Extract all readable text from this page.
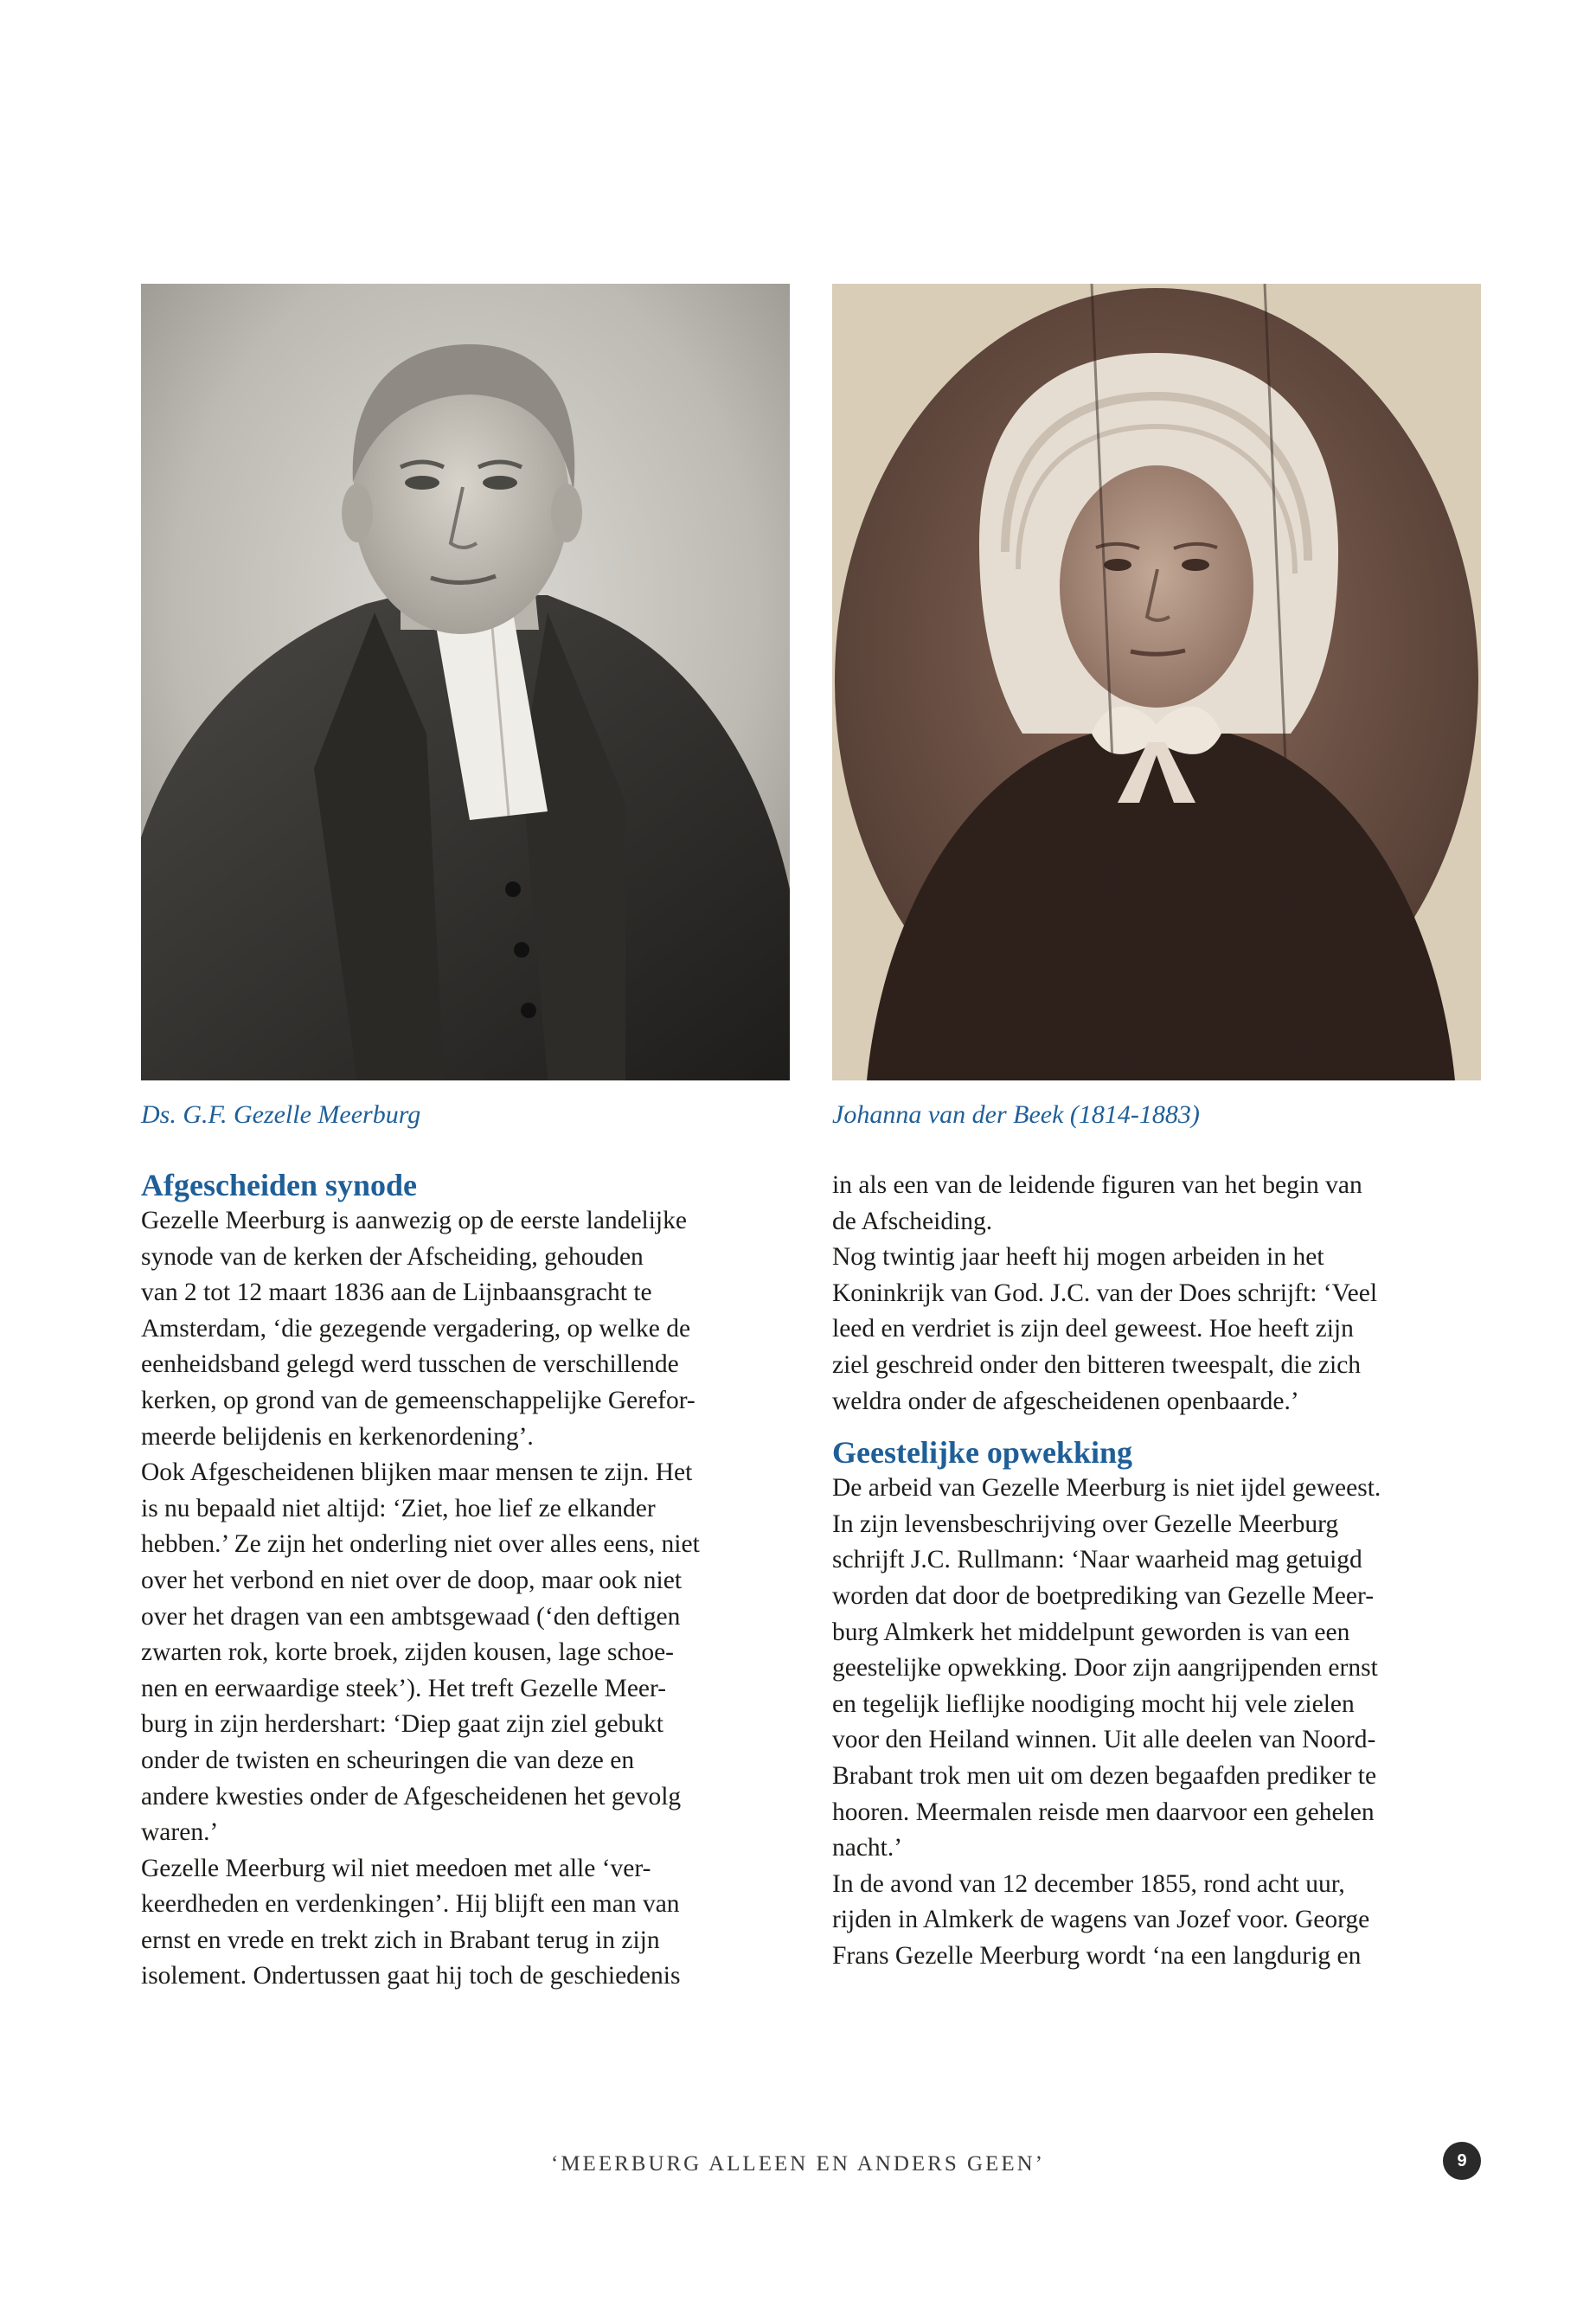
Ds. G.F. Gezelle Meerburg	Johanna van der Beek (1814-1883)
Afgescheiden synode

Gezelle Meerburg is aanwezig op de eerste landelijke

synode van de kerken der Afscheiding, gehouden

van 2 tot 12 maart 1836 aan de Lijnbaansgracht te

Amsterdam, ‘die gezegende vergadering, op welke de

eenheidsband gelegd werd tusschen de verschillende

kerken, op grond van de gemeenschappelijke Gerefor-

meerde belijdenis en kerkenordening’.

Ook Afgescheidenen blijken maar mensen te zijn. Het

is nu bepaald niet altijd: ‘Ziet, hoe lief ze elkander

hebben.’ Ze zijn het onderling niet over alles eens, niet

over het verbond en niet over de doop, maar ook niet

over het dragen van een ambtsgewaad (‘den deftigen

zwarten rok, korte broek, zijden kousen, lage schoe-

nen en eerwaardige steek’). Het treft Gezelle Meer-

burg in zijn herdershart: ‘Diep gaat zijn ziel gebukt

onder de twisten en scheuringen die van deze en

andere kwesties onder de Afgescheidenen het gevolg

waren.’

Gezelle Meerburg wil niet meedoen met alle ‘ver-

keerdheden en verdenkingen’. Hij blijft een man van

ernst en vrede en trekt zich in Brabant terug in zijn

isolement. Ondertussen gaat hij toch de geschiedenis

in als een van de leidende figuren van het begin van

de Afscheiding.

Nog twintig jaar heeft hij mogen arbeiden in het

Koninkrijk van God. J.C. van der Does schrijft: ‘Veel

leed en verdriet is zijn deel geweest. Hoe heeft zijn

ziel geschreid onder den bitteren tweespalt, die zich

weldra onder de afgescheidenen openbaarde.’

Geestelijke opwekking

De arbeid van Gezelle Meerburg is niet ijdel geweest.

In zijn levensbeschrijving over Gezelle Meerburg

schrijft J.C. Rullmann: ‘Naar waarheid mag getuigd

worden dat door de boetprediking van Gezelle Meer-

burg Almkerk het middelpunt geworden is van een

geestelijke opwekking. Door zijn aangrijpenden ernst

en tegelijk lieflijke noodiging mocht hij vele zielen

voor den Heiland winnen. Uit alle deelen van Noord-

Brabant trok men uit om dezen begaafden prediker te

hooren. Meermalen reisde men daarvoor een gehelen

nacht.’

In de avond van 12 december 1855, rond acht uur,

rijden in Almkerk de wagens van Jozef voor. George

Frans Gezelle Meerburg wordt ‘na een langdurig en

‘MEERBURG ALLEEN EN ANDERS GEEN’	9
